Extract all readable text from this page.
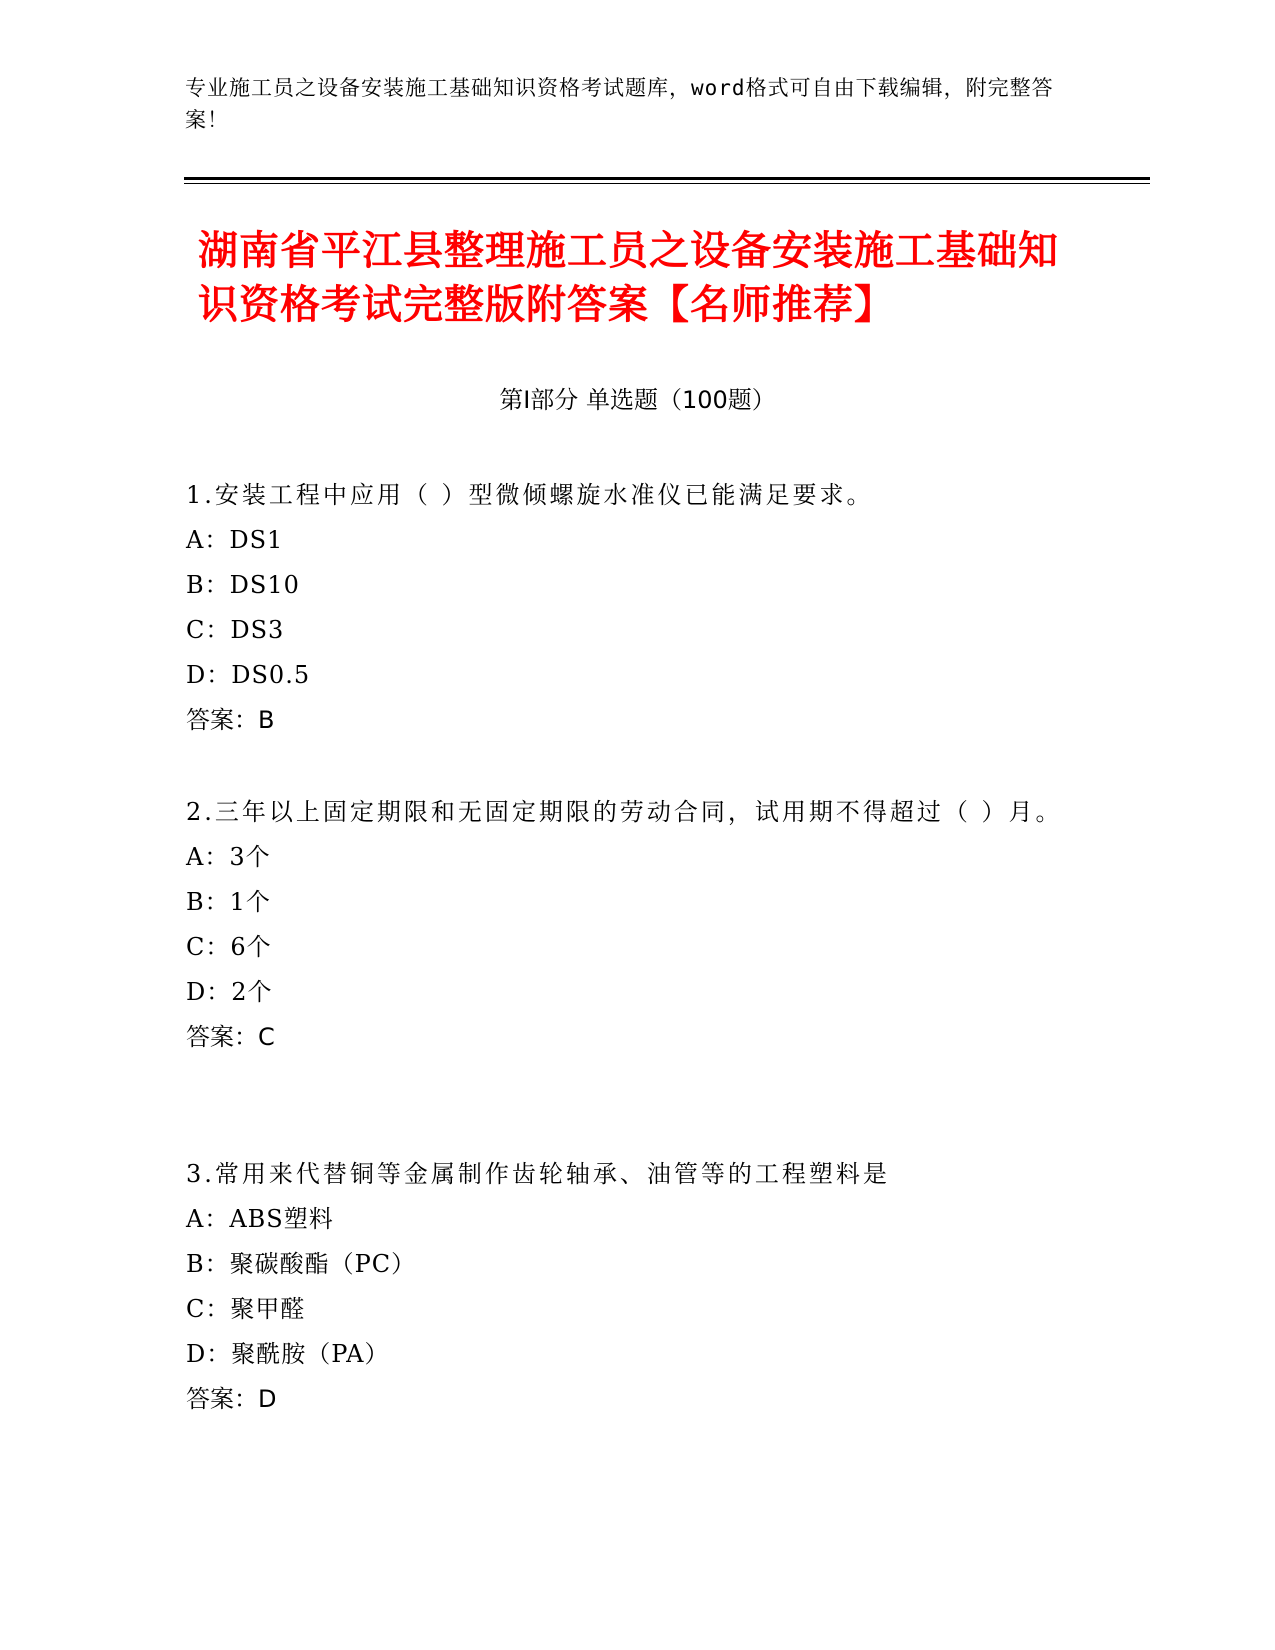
专业施工员之设备安装施工基础知识资格考试题库，word格式可自由下载编辑，附完整答案！
湖南省平江县整理施工员之设备安装施工基础知识资格考试完整版附答案【名师推荐】
第Ⅰ部分 单选题（100题）
1.安装工程中应用（ ）型微倾螺旋水准仪已能满足要求。
A：DS1
B：DS10
C：DS3
D：DS0.5
答案：B
2.三年以上固定期限和无固定期限的劳动合同，试用期不得超过（ ）月。
A：3个
B：1个
C：6个
D：2个
答案：C
3.常用来代替铜等金属制作齿轮轴承、油管等的工程塑料是
A：ABS塑料
B：聚碳酸酯（PC）
C：聚甲醛
D：聚酰胺（PA）
答案：D
